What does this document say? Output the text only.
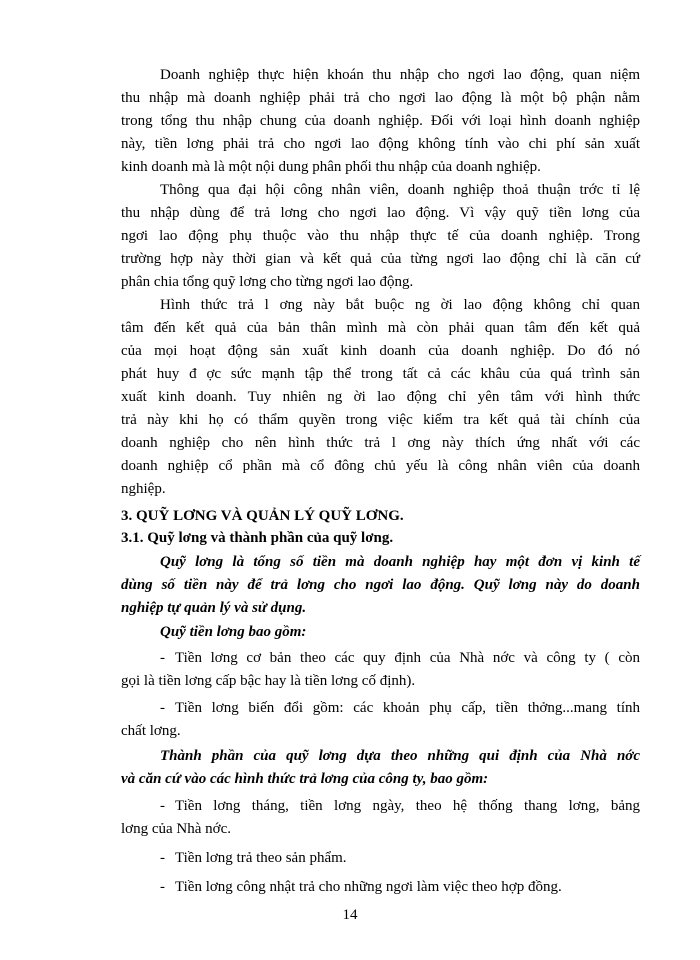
Doanh nghiệp thực hiện khoán thu nhập cho ngơi lao động, quan niệm
thu nhập mà doanh nghiệp phải trả cho ngơi lao động là một bộ phận nằm
trong tổng thu nhập chung của doanh nghiệp. Đối với loại hình doanh nghiệp
này, tiền lơng phải trả cho ngơi lao động không tính vào chi phí sản xuất
kinh doanh mà là một nội dung phân phối thu nhập của doanh nghiệp.
Thông qua đại hội công nhân viên, doanh nghiệp thoả thuận trớc tỉ lệ
thu nhập dùng để trả lơng cho ngơi lao động. Vì vậy quỹ tiền lơng của
ngơi lao động phụ thuộc vào thu nhập thực tế của doanh nghiệp. Trong
trường hợp này thời gian và kết quả của từng ngơi lao động chỉ là căn cứ
phân chia tổng quỹ lơng cho từng ngơi lao động.
Hình thức trả l ơng này bắt buộc ng ời lao động không chỉ quan
tâm đến kết quả của bản thân mình mà còn phải quan tâm đến kết quả
của mọi hoạt động sản xuất kinh doanh của doanh nghiệp. Do đó nó
phát huy đ ợc sức mạnh tập thể trong tất cả các khâu của quá trình sản
xuất kinh doanh. Tuy nhiên ng ời lao động chỉ yên tâm với hình thức
trả này khi họ có thẩm quyền trong việc kiểm tra kết quả tài chính của
doanh nghiệp cho nên hình thức trả l ơng này thích ứng nhất với các
doanh nghiệp cổ phần mà cổ đông chủ yếu là công nhân viên của doanh
nghiệp.
3. QUỸ LƠNG VÀ QUẢN LÝ QUỸ LƠNG.
3.1. Quỹ lơng và thành phần của quỹ lơng.
Quỹ lơng là tổng số tiền mà doanh nghiệp hay một đơn vị kinh tế
dùng số tiền này để trả lơng cho ngơi lao động. Quỹ lơng này do doanh
nghiệp tự quản lý và sử dụng.
Quỹ tiền lơng bao gồm:
- Tiền lơng cơ bản theo các quy định của Nhà nớc và công ty ( còn
gọi là tiền lơng cấp bậc hay là tiền lơng cố định).
- Tiền lơng biến đổi gồm: các khoản phụ cấp, tiền thởng...mang tính
chất lơng.
Thành phần của quỹ lơng dựa theo những qui định của Nhà nớc
và căn cứ vào các hình thức trả lơng của công ty, bao gồm:
- Tiền lơng tháng, tiền lơng ngày, theo hệ thống thang lơng, bảng
lơng của Nhà nớc.
- Tiền lơng trả theo sản phẩm.
- Tiền lơng công nhật trả cho những ngơi làm việc theo hợp đồng.
14
